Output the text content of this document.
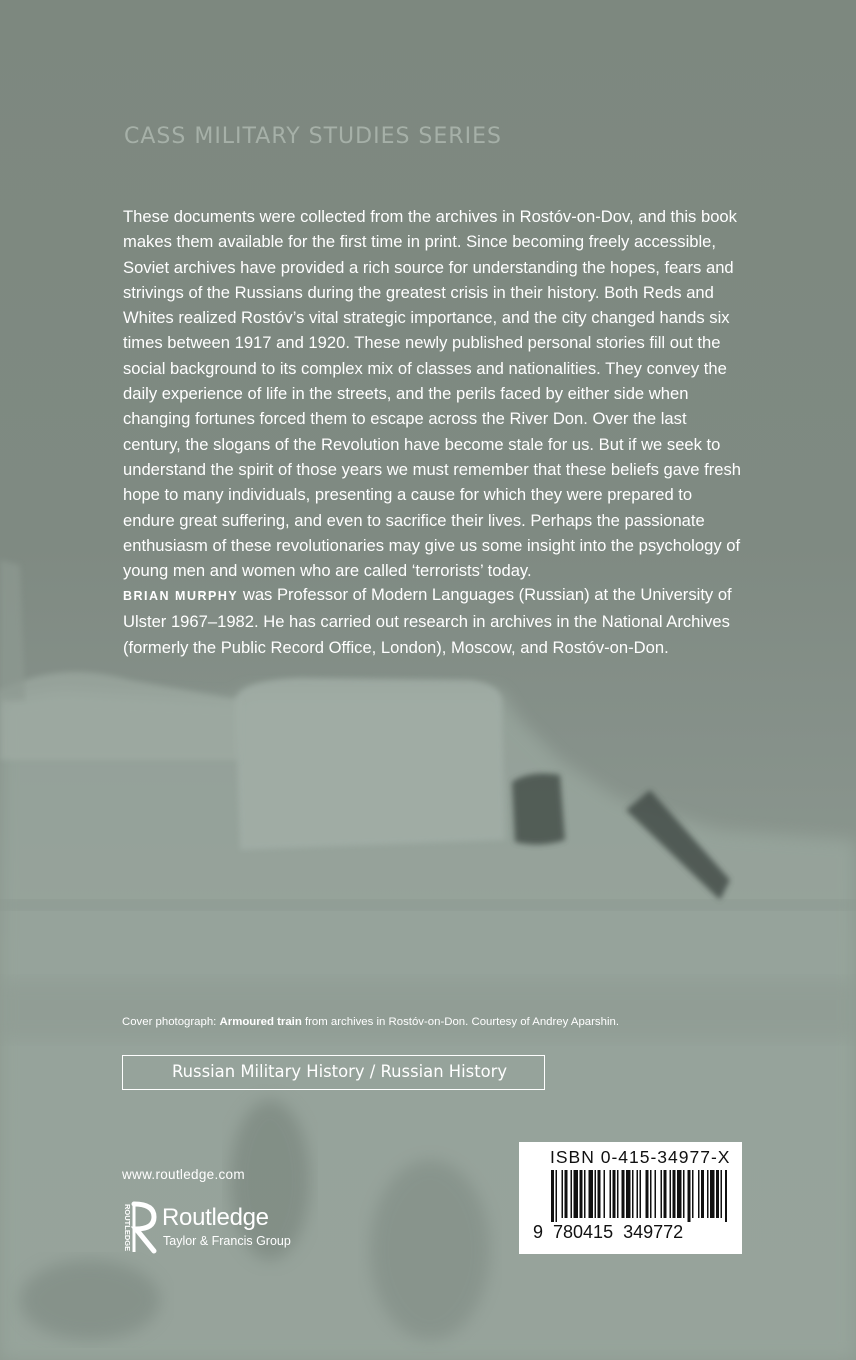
CASS MILITARY STUDIES SERIES

These documents were collected from the archives in Rostóv-on-Dov, and this book makes them available for the first time in print. Since becoming freely accessible, Soviet archives have provided a rich source for understanding the hopes, fears and strivings of the Russians during the greatest crisis in their history. Both Reds and Whites realized Rostóv’s vital strategic importance, and the city changed hands six times between 1917 and 1920. These newly published personal stories fill out the social background to its complex mix of classes and nationalities. They convey the daily experience of life in the streets, and the perils faced by either side when changing fortunes forced them to escape across the River Don. Over the last century, the slogans of the Revolution have become stale for us. But if we seek to understand the spirit of those years we must remember that these beliefs gave fresh hope to many individuals, presenting a cause for which they were prepared to endure great suffering, and even to sacrifice their lives. Perhaps the passionate enthusiasm of these revolutionaries may give us some insight into the psychology of young men and women who are called ‘terrorists’ today.

BRIAN MURPHY was Professor of Modern Languages (Russian) at the University of Ulster 1967–1982. He has carried out research in archives in the National Archives (formerly the Public Record Office, London), Moscow, and Rostóv-on-Don.

Cover photograph: Armoured train from archives in Rostóv-on-Don. Courtesy of Andrey Aparshin.
Russian Military History / Russian History
www.routledge.com
ROUTLEDGE Routledge
Taylor & Francis Group
ISBN 0-415-34977-X
9  780415  349772
